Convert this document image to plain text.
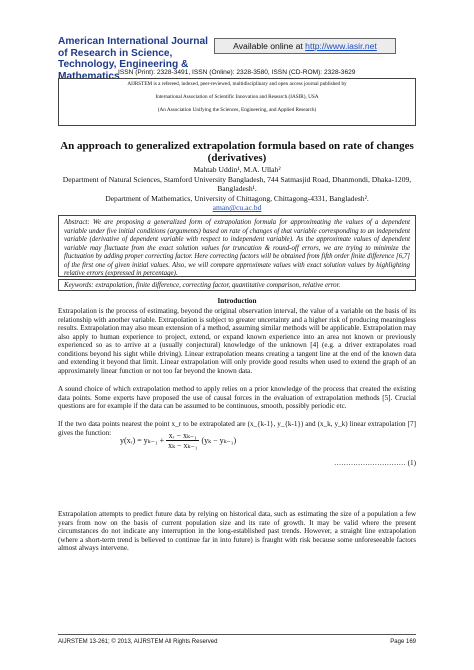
American International Journal of Research in Science, Technology, Engineering & Mathematics
Available online at http://www.iasir.net
ISSN (Print): 2328-3491, ISSN (Online): 2328-3580, ISSN (CD-ROM): 2328-3629
AIJRSTEM is a refereed, indexed, peer-reviewed, multidisciplinary and open access journal published by
International Association of Scientific Innovation and Research (IASIR), USA
(An Association Unifying the Sciences, Engineering, and Applied Research)
An approach to generalized extrapolation formula based on rate of changes (derivatives)
Mahtab Uddin¹, M.A. Ullah²
Department of Natural Sciences, Stamford University Bangladesh, 744 Satmasjid Road, Dhanmondi, Dhaka-1209, Bangladesh¹.
Department of Mathematics, University of Chittagong, Chittagong-4331, Bangladesh².
aman@cu.ac.bd
Abstract: We are proposing a generalized form of extrapolation formula for approximating the values of a dependent variable under five initial conditions (arguments) based on rate of changes of that variable corresponding to an independent variable (derivative of dependent variable with respect to independent variable). As the approximate values of dependent variable may fluctuate from the exact solution values for truncation & round-off errors, we are trying to minimize the fluctuation by adding proper correcting factor. Here correcting factors will be obtained from fifth order finite difference [6,7] of the first one of given initial values. Also, we will compare approximate values with exact solution values by highlighting relative errors (expressed in percentage).
Keywords: extrapolation, finite difference, correcting factor, quantitative comparison, relative error.
Introduction
Extrapolation is the process of estimating, beyond the original observation interval, the value of a variable on the basis of its relationship with another variable. Extrapolation is subject to greater uncertainty and a higher risk of producing meaningless results. Extrapolation may also mean extension of a method, assuming similar methods will be applicable. Extrapolation may also apply to human experience to project, extend, or expand known experience into an area not known or previously experienced so as to arrive at a (usually conjectural) knowledge of the unknown [4] (e.g. a driver extrapolates road conditions beyond his sight while driving). Linear extrapolation means creating a tangent line at the end of the known data and extending it beyond that limit. Linear extrapolation will only provide good results when used to extend the graph of an approximately linear function or not too far beyond the known data.
A sound choice of which extrapolation method to apply relies on a prior knowledge of the process that created the existing data points. Some experts have proposed the use of causal forces in the evaluation of extrapolation methods [5]. Crucial questions are for example if the data can be assumed to be continuous, smooth, possibly periodic etc.
If the two data points nearest the point x_r to be extrapolated are (x_{k-1}, y_{k-1}) and (x_k, y_k) linear extrapolation [7] gives the function:
y(xᵣ) = $y_{k-1} + \frac{\text{xᵣ − xₖ₋₁}}{\text{xₖ − xₖ₋₁}} (y_k - y_{k-1})$
………………………… (1)
Extrapolation attempts to predict future data by relying on historical data, such as estimating the size of a population a few years from now on the basis of current population size and its rate of growth. It may be valid where the present circumstances do not indicate any interruption in the long-established past trends. However, a straight line extrapolation (where a short-term trend is believed to continue far in into future) is fraught with risk because some unforeseeable factors almost always intervene.
AIJRSTEM 13-261; © 2013, AIJRSTEM All Rights Reserved	Page 169
